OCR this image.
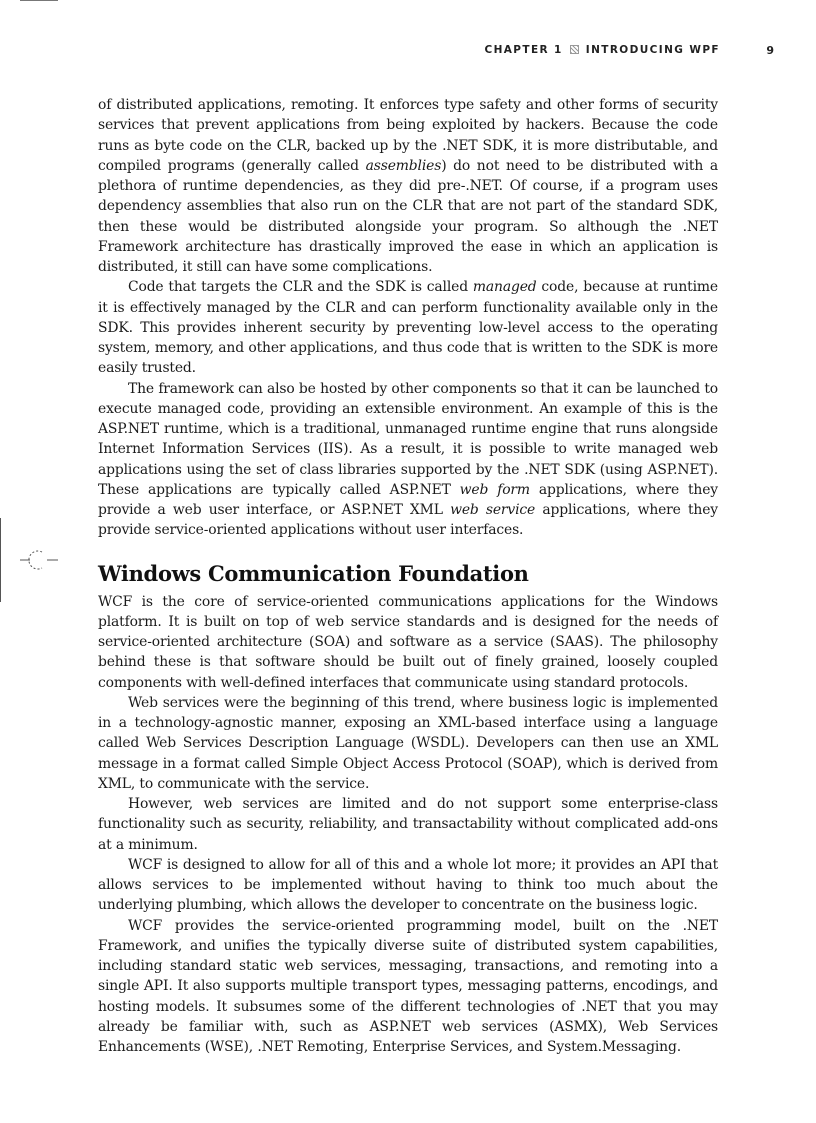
CHAPTER 1 INTRODUCING WPF	9

of distributed applications, remoting. It enforces type safety and other forms of security services that prevent applications from being exploited by hackers. Because the code runs as byte code on the CLR, backed up by the .NET SDK, it is more distributable, and compiled programs (generally called assemblies) do not need to be distributed with a plethora of runtime dependencies, as they did pre-.NET. Of course, if a program uses dependency assemblies that also run on the CLR that are not part of the standard SDK, then these would be distributed alongside your program. So although the .NET Framework architecture has drastically improved the ease in which an application is distributed, it still can have some complications.

Code that targets the CLR and the SDK is called managed code, because at runtime it is effectively managed by the CLR and can perform functionality available only in the SDK. This provides inherent security by preventing low-level access to the operating system, memory, and other applications, and thus code that is written to the SDK is more easily trusted.

The framework can also be hosted by other components so that it can be launched to execute managed code, providing an extensible environment. An example of this is the ASP.NET runtime, which is a traditional, unmanaged runtime engine that runs alongside Internet Information Services (IIS). As a result, it is possible to write managed web applications using the set of class libraries supported by the .NET SDK (using ASP.NET). These applications are typically called ASP.NET web form applications, where they provide a web user interface, or ASP.NET XML web service applications, where they provide service-oriented applications without user interfaces.

Windows Communication Foundation

WCF is the core of service-oriented communications applications for the Windows platform. It is built on top of web service standards and is designed for the needs of service-oriented architecture (SOA) and software as a service (SAAS). The philosophy behind these is that software should be built out of finely grained, loosely coupled components with well-defined interfaces that communicate using standard protocols.

Web services were the beginning of this trend, where business logic is implemented in a technology-agnostic manner, exposing an XML-based interface using a language called Web Services Description Language (WSDL). Developers can then use an XML message in a format called Simple Object Access Protocol (SOAP), which is derived from XML, to communicate with the service.

However, web services are limited and do not support some enterprise-class functionality such as security, reliability, and transactability without complicated add-ons at a minimum.

WCF is designed to allow for all of this and a whole lot more; it provides an API that allows services to be implemented without having to think too much about the underlying plumbing, which allows the developer to concentrate on the business logic.

WCF provides the service-oriented programming model, built on the .NET Framework, and unifies the typically diverse suite of distributed system capabilities, including standard static web services, messaging, transactions, and remoting into a single API. It also supports multiple transport types, messaging patterns, encodings, and hosting models. It subsumes some of the different technologies of .NET that you may already be familiar with, such as ASP.NET web services (ASMX), Web Services Enhancements (WSE), .NET Remoting, Enterprise Services, and System.Messaging.
